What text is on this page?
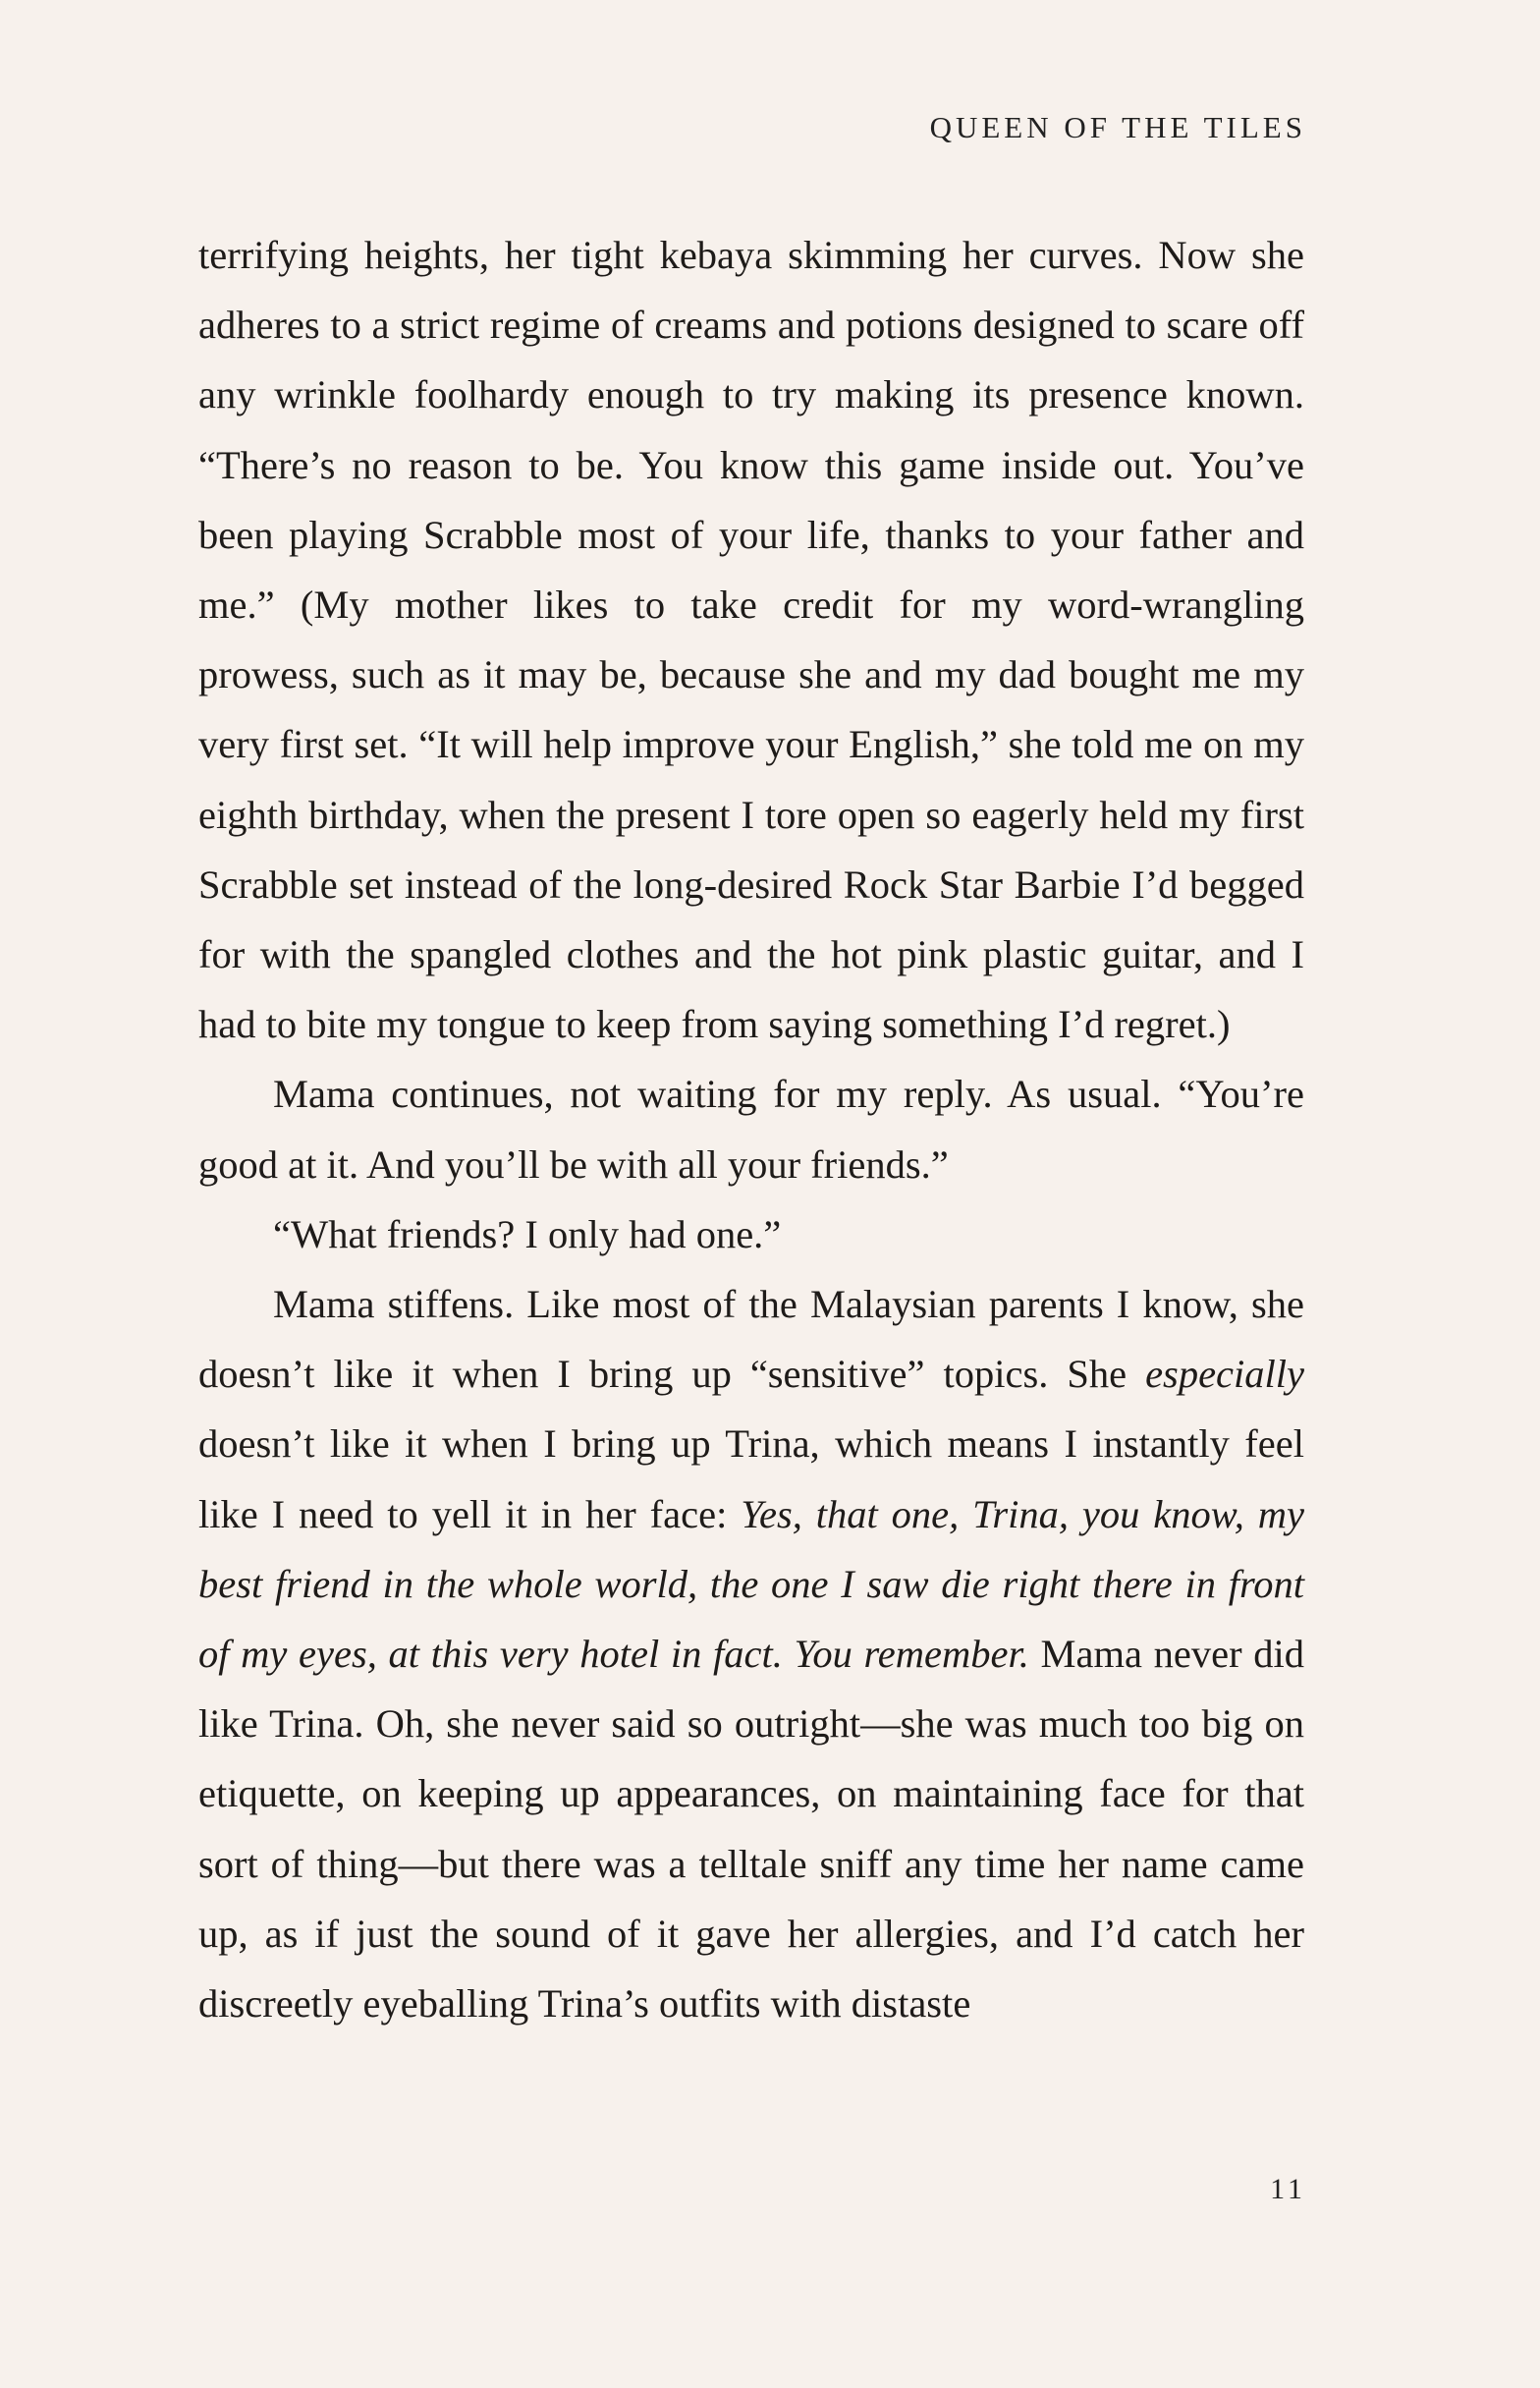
QUEEN OF THE TILES

terrifying heights, her tight kebaya skimming her curves. Now she adheres to a strict regime of creams and potions designed to scare off any wrinkle foolhardy enough to try making its presence known. “There’s no reason to be. You know this game inside out. You’ve been playing Scrabble most of your life, thanks to your father and me.” (My mother likes to take credit for my word-wrangling prowess, such as it may be, because she and my dad bought me my very first set. “It will help improve your English,” she told me on my eighth birthday, when the present I tore open so eagerly held my first Scrabble set instead of the long-desired Rock Star Barbie I’d begged for with the spangled clothes and the hot pink plastic guitar, and I had to bite my tongue to keep from saying something I’d regret.)

Mama continues, not waiting for my reply. As usual. “You’re good at it. And you’ll be with all your friends.”

“What friends? I only had one.”

Mama stiffens. Like most of the Malaysian parents I know, she doesn’t like it when I bring up “sensitive” topics. She especially doesn’t like it when I bring up Trina, which means I instantly feel like I need to yell it in her face: Yes, that one, Trina, you know, my best friend in the whole world, the one I saw die right there in front of my eyes, at this very hotel in fact. You remember. Mama never did like Trina. Oh, she never said so outright—she was much too big on etiquette, on keeping up appearances, on maintaining face for that sort of thing—but there was a telltale sniff any time her name came up, as if just the sound of it gave her allergies, and I’d catch her discreetly eyeballing Trina’s outfits with distaste

11
